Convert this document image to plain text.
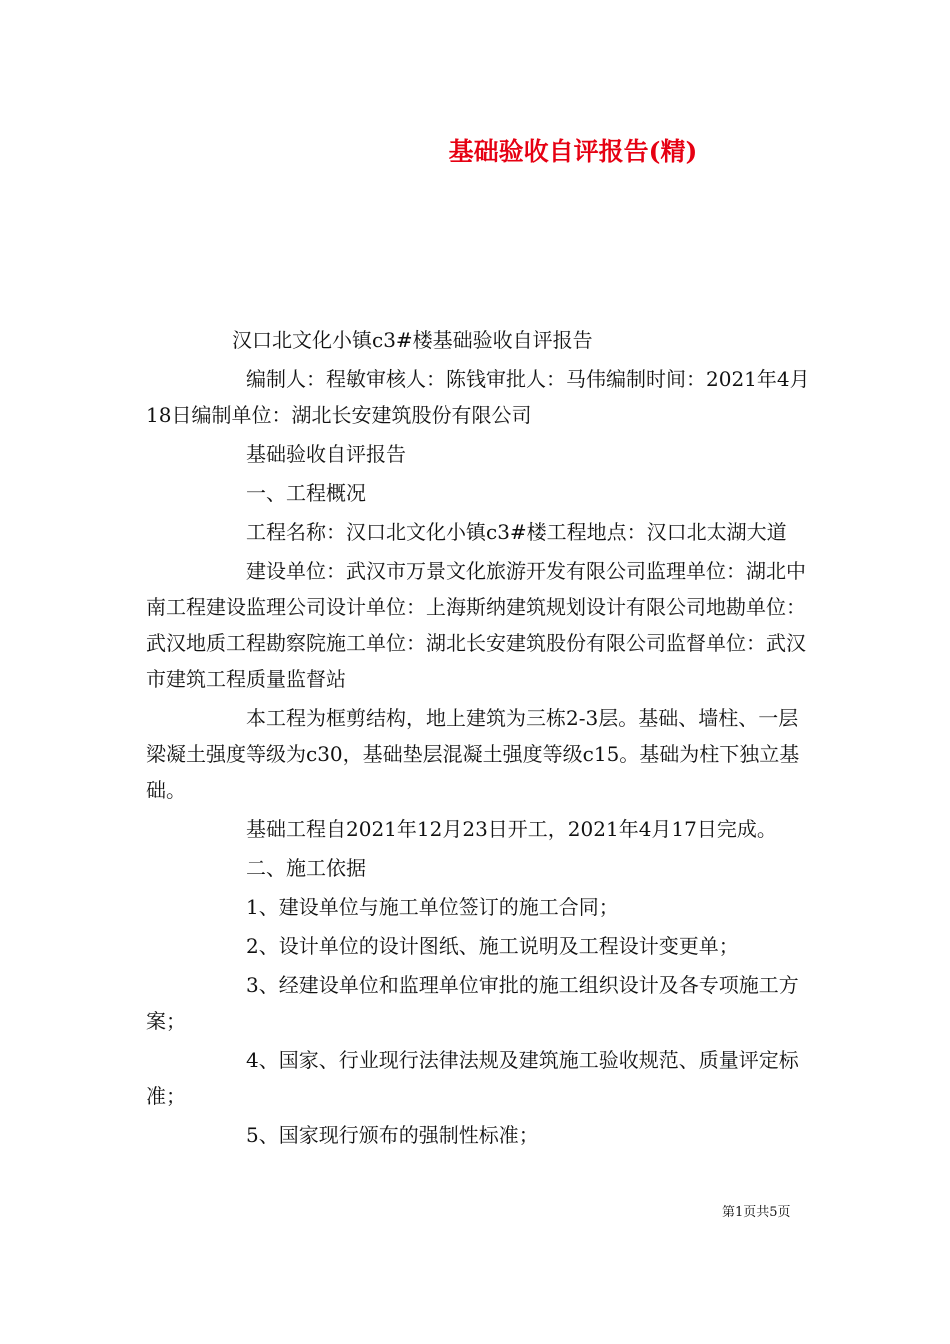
基础验收自评报告(精)

汉口北文化小镇c3#楼基础验收自评报告

编制人：程敏审核人：陈钱审批人：马伟编制时间：2021年4月18日编制单位：湖北长安建筑股份有限公司

基础验收自评报告

一、工程概况

工程名称：汉口北文化小镇c3#楼工程地点：汉口北太湖大道

建设单位：武汉市万景文化旅游开发有限公司监理单位：湖北中南工程建设监理公司设计单位：上海斯纳建筑规划设计有限公司地勘单位：武汉地质工程勘察院施工单位：湖北长安建筑股份有限公司监督单位：武汉市建筑工程质量监督站

本工程为框剪结构，地上建筑为三栋2-3层。基础、墙柱、一层梁凝土强度等级为c30，基础垫层混凝土强度等级c15。基础为柱下独立基础。

基础工程自2021年12月23日开工，2021年4月17日完成。

二、施工依据

1、建设单位与施工单位签订的施工合同；

2、设计单位的设计图纸、施工说明及工程设计变更单；

3、经建设单位和监理单位审批的施工组织设计及各专项施工方案；

4、国家、行业现行法律法规及建筑施工验收规范、质量评定标准；

5、国家现行颁布的强制性标准；

第1页共5页
